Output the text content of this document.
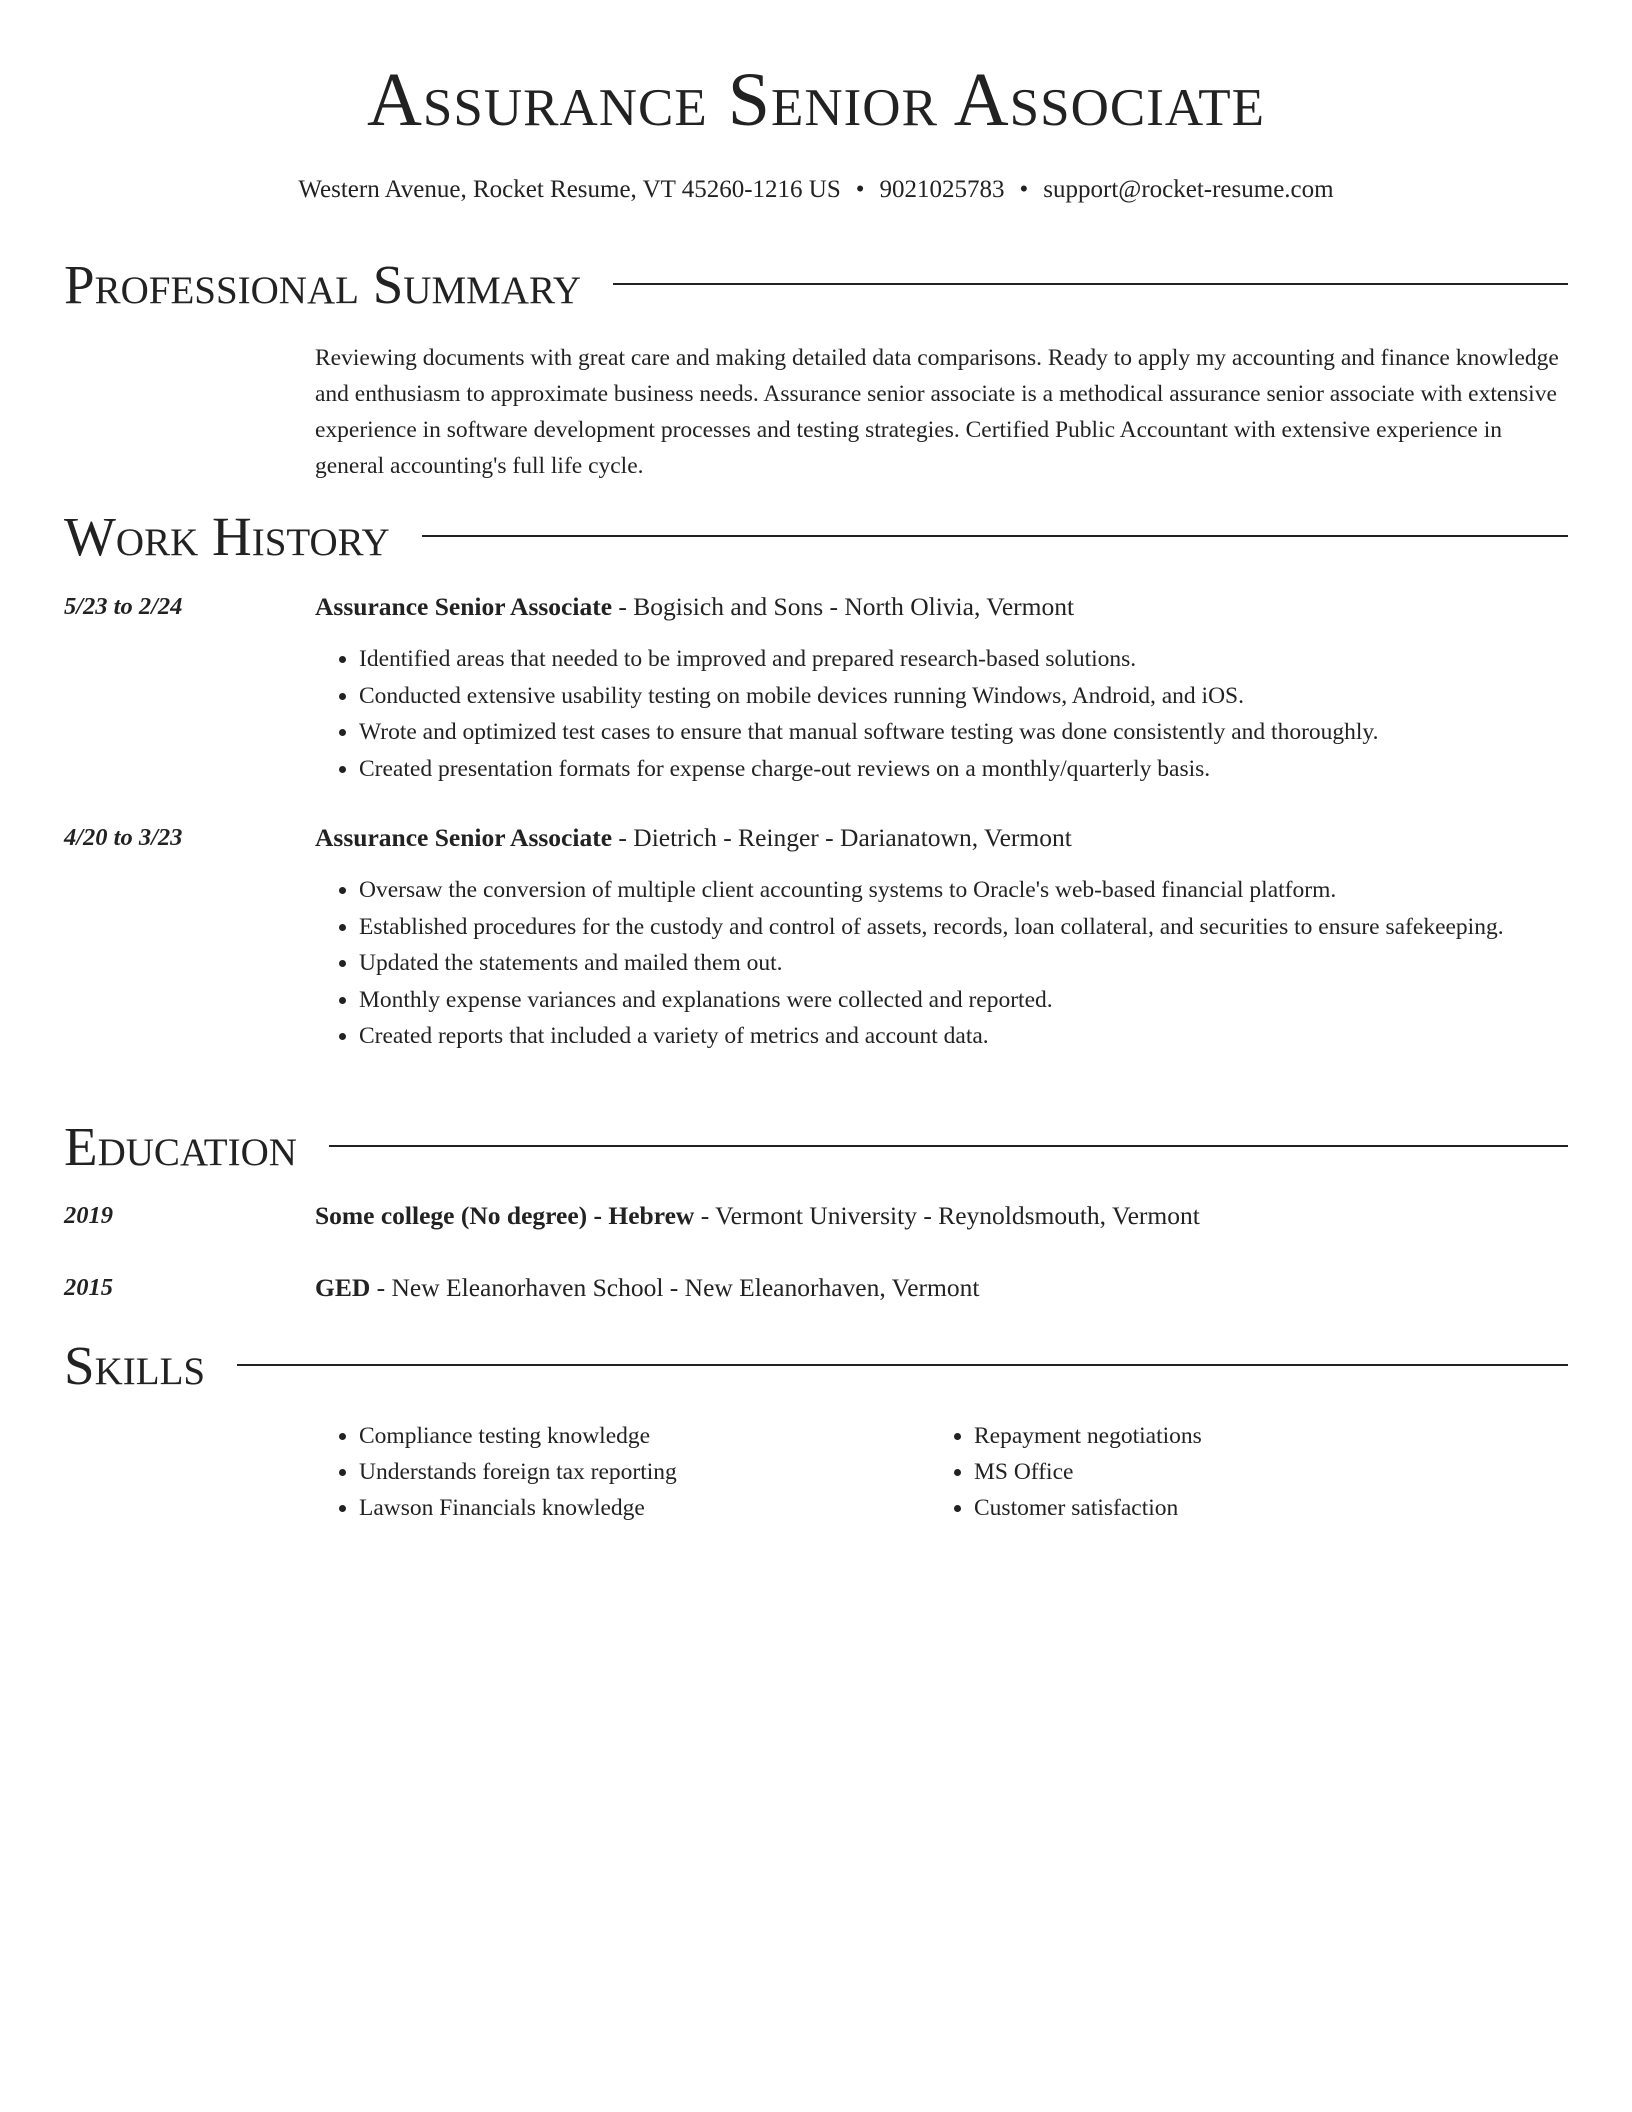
Assurance Senior Associate
Western Avenue, Rocket Resume, VT 45260-1216 US • 9021025783 • support@rocket-resume.com
Professional Summary

Reviewing documents with great care and making detailed data comparisons. Ready to apply my accounting and finance knowledge and enthusiasm to approximate business needs. Assurance senior associate is a methodical assurance senior associate with extensive experience in software development processes and testing strategies. Certified Public Accountant with extensive experience in general accounting's full life cycle.

Work History
5/23 to 2/24	Assurance Senior Associate - Bogisich and Sons - North Olivia, Vermont
• Identified areas that needed to be improved and prepared research-based solutions.
• Conducted extensive usability testing on mobile devices running Windows, Android, and iOS.
• Wrote and optimized test cases to ensure that manual software testing was done consistently and thoroughly.
• Created presentation formats for expense charge-out reviews on a monthly/quarterly basis.
4/20 to 3/23	Assurance Senior Associate - Dietrich - Reinger - Darianatown, Vermont
• Oversaw the conversion of multiple client accounting systems to Oracle's web-based financial platform.
• Established procedures for the custody and control of assets, records, loan collateral, and securities to ensure safekeeping.
• Updated the statements and mailed them out.
• Monthly expense variances and explanations were collected and reported.
• Created reports that included a variety of metrics and account data.
Education
2019	Some college (No degree) - Hebrew - Vermont University - Reynoldsmouth, Vermont
2015	GED - New Eleanorhaven School - New Eleanorhaven, Vermont
Skills
• Compliance testing knowledge
• Understands foreign tax reporting
• Lawson Financials knowledge
• Repayment negotiations
• MS Office
• Customer satisfaction
